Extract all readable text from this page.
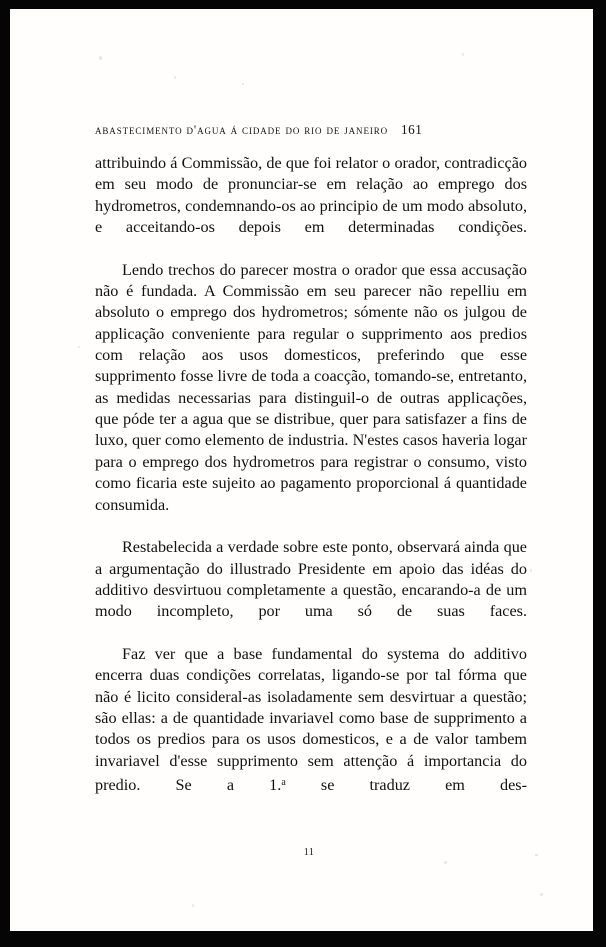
abastecimento d'agua á cidade do rio de janeiro 161

attribuindo á Commissão, de que foi relator o orador, contradicção em seu modo de pronunciar-se em relação ao emprego dos hydrometros, condemnando-os ao principio de um modo absoluto, e acceitando-os depois em determinadas condições.

Lendo trechos do parecer mostra o orador que essa accusação não é fundada. A Commissão em seu parecer não repelliu em absoluto o emprego dos hydrometros; sómente não os julgou de applicação conveniente para regular o supprimento aos predios com relação aos usos domesticos, preferindo que esse supprimento fosse livre de toda a coacção, tomando-se, entretanto, as medidas necessarias para distinguil-o de outras applicações, que póde ter a agua que se distribue, quer para satisfazer a fins de luxo, quer como elemento de industria. N'estes casos haveria logar para o emprego dos hydrometros para registrar o consumo, visto como ficaria este sujeito ao pagamento proporcional á quantidade consumida.

Restabelecida a verdade sobre este ponto, observará ainda que a argumentação do illustrado Presidente em apoio das idéas do additivo desvirtuou completamente a questão, encarando-a de um modo incompleto, por uma só de suas faces.

Faz ver que a base fundamental do systema do additivo encerra duas condições correlatas, ligando-se por tal fórma que não é licito consideral-as isoladamente sem desvirtuar a questão; são ellas: a de quantidade invariavel como base de supprimento a todos os predios para os usos domesticos, e a de valor tambem invariavel d'esse supprimento sem attenção á importancia do predio. Se a 1.$^a$ se traduz em des-

11
